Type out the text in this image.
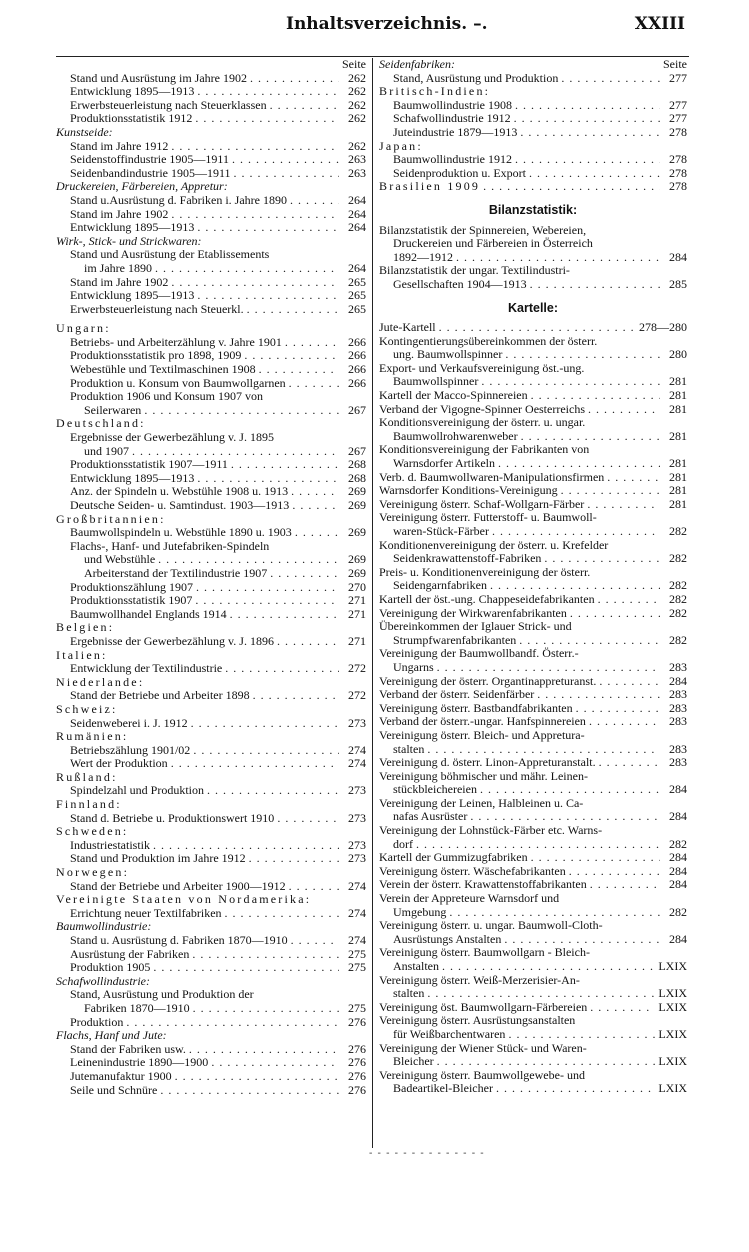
Inhaltsverzeichnis. –.	XXIII
Seite
Stand und Ausrüstung im Jahre 1902 . . .	262
Entwicklung 1895—1913 . . .	262
Erwerbsteuerleistung nach Steuerklassen . . .	262
Produktionsstatistik 1912 . . .	262
Kunstseide:
Stand im Jahre 1912 . . .	262
Seidenstoffindustrie 1905—1911 . . .	263
Seidenbandindustrie 1905—1911 . . .	263
Druckereien, Färbereien, Appretur:
Stand u.Ausrüstung d. Fabriken i. Jahre 1890 . . .	264
Stand im Jahre 1902 . . .	264
Entwicklung 1895—1913 . . .	264
Wirk-, Stick- und Strickwaren:
Stand und Ausrüstung der Etablissements
im Jahre 1890 . . .	264
Stand im Jahre 1902 . . .	265
Entwicklung 1895—1913 . . .	265
Erwerbsteuerleistung nach Steuerkl. . . .	265
Ungarn:
Betriebs- und Arbeiterzählung v. Jahre 1901 . . .	266
Produktionsstatistik pro 1898, 1909 . . .	266
Webestühle und Textilmaschinen 1908 . . .	266
Produktion u. Konsum von Baumwollgarnen . . .	266
Produktion 1906 und Konsum 1907 von
Seilerwaren . . .	267
Deutschland:
Ergebnisse der Gewerbezählung v. J. 1895
und 1907 . . .	267
Produktionsstatistik 1907—1911 . . .	268
Entwicklung 1895—1913 . . .	268
Anz. der Spindeln u. Webstühle 1908 u. 1913 . . .	269
Deutsche Seiden- u. Samtindust. 1903—1913 . . .	269
Großbritannien:
Baumwollspindeln u. Webstühle 1890 u. 1903 . . .	269
Flachs-, Hanf- und Jutefabriken-Spindeln
und Webstühle . . .	269
Arbeiterstand der Textilindustrie 1907 . . .	269
Produktionszählung 1907 . . .	270
Produktionsstatistik 1907 . . .	271
Baumwollhandel Englands 1914 . . .	271
Belgien:
Ergebnisse der Gewerbezählung v. J. 1896 . . .	271
Italien:
Entwicklung der Textilindustrie . . .	272
Niederlande:
Stand der Betriebe und Arbeiter 1898 . . .	272
Schweiz:
Seidenweberei i. J. 1912 . . .	273
Rumänien:
Betriebszählung 1901/02 . . .	274
Wert der Produktion . . .	274
Rußland:
Spindelzahl und Produktion . . .	273
Finnland:
Stand d. Betriebe u. Produktionswert 1910 . . .	273
Schweden:
Industriestatistik . . .	273
Stand und Produktion im Jahre 1912 . . .	273
Norwegen:
Stand der Betriebe und Arbeiter 1900—1912 . . .	274
Vereinigte Staaten von Nordamerika:
Errichtung neuer Textilfabriken . . .	274
Baumwollindustrie:
Stand u. Ausrüstung d. Fabriken 1870—1910 . . .	274
Ausrüstung der Fabriken . . .	275
Produktion 1905 . . .	275
Schafwollindustrie:
Stand, Ausrüstung und Produktion der
Fabriken 1870—1910 . . .	275
Produktion . . .	276
Flachs, Hanf und Jute:
Stand der Fabriken usw. . . .	276
Leinenindustrie 1890—1900 . . .	276
Jutemanufaktur 1900 . . .	276
Seile und Schnüre . . .	276
Seidenfabriken:	Seite
Stand, Ausrüstung und Produktion . . .	277
Britisch-Indien:
Baumwollindustrie 1908 . . .	277
Schafwollindustrie 1912 . . .	277
Juteindustrie 1879—1913 . . .	278
Japan:
Baumwollindustrie 1912 . . .	278
Seidenproduktion u. Export . . .	278
Brasilien 1909 . . .	278
Bilanzstatistik:
Bilanzstatistik der Spinnereien, Webereien,
Druckereien und Färbereien in Österreich
1892—1912 . . .	284
Bilanzstatistik der ungar. Textilindustri-
Gesellschaften 1904—1913 . . .	285
Kartelle:
Jute-Kartell . . .	278—280
Kontingentierungsübereinkommen der österr.
ung. Baumwollspinner . . .	280
Export- und Verkaufsvereinigung öst.-ung.
Baumwollspinner . . .	281
Kartell der Macco-Spinnereien . . .	281
Verband der Vigogne-Spinner Oesterreichs . . .	281
Konditionsvereinigung der österr. u. ungar.
Baumwollrohwarenweber . . .	281
Konditionsvereinigung der Fabrikanten von
Warnsdorfer Artikeln . . .	281
Verb. d. Baumwollwaren-Manipulationsfirmen . . .	281
Warnsdorfer Konditions-Vereinigung . . .	281
Vereinigung österr. Schaf-Wollgarn-Färber . . .	281
Vereinigung österr. Futterstoff- u. Baumwoll-
waren-Stück-Färber . . .	282
Konditionenvereinigung der österr. u. Krefelder
Seidenkrawattenstoff-Fabriken . . .	282
Preis- u. Konditionenvereinigung der österr.
Seidengarnfabriken . . .	282
Kartell der öst.-ung. Chappeseidefabrikanten . . .	282
Vereinigung der Wirkwarenfabrikanten . . .	282
Übereinkommen der Iglauer Strick- und
Strumpfwarenfabrikanten . . .	282
Vereinigung der Baumwollbandf. Österr.-
Ungarns . . .	283
Vereinigung der österr. Organtinappreturanst. . . .	284
Verband der österr. Seidenfärber . . .	283
Vereinigung österr. Bastbandfabrikanten . . .	283
Verband der österr.-ungar. Hanfspinnereien . . .	283
Vereinigung österr. Bleich- und Appretura-
stalten . . .	283
Vereinigung d. österr. Linon-Appreturanstalt. . . .	283
Vereinigung böhmischer und mähr. Leinen-
stückbleichereien . . .	284
Vereinigung der Leinen, Halbleinen u. Ca-
nafas Ausrüster . . .	284
Vereinigung der Lohnstück-Färber etc. Warns-
dorf . . .	282
Kartell der Gummizugfabriken . . .	284
Vereinigung österr. Wäschefabrikanten . . .	284
Verein der österr. Krawattenstoffabrikanten . . .	284
Verein der Appreteure Warnsdorf und
Umgebung . . .	282
Vereinigung österr. u. ungar. Baumwoll-Cloth-
Ausrüstungs Anstalten . . .	284
Vereinigung österr. Baumwollgarn - Bleich-
Anstalten . . .	LXIX
Vereinigung österr. Weiß-Merzerisier-An-
stalten . . .	LXIX
Vereinigung öst. Baumwollgarn-Färbereien . . .	LXIX
Vereinigung österr. Ausrüstungsanstalten
für Weißbarchentwaren . . .	LXIX
Vereinigung der Wiener Stück- und Waren-
Bleicher . . .	LXIX
Vereinigung österr. Baumwollgewebe- und
Badeartikel-Bleicher . . .	LXIX
- - - - - - - - - - - - - -
